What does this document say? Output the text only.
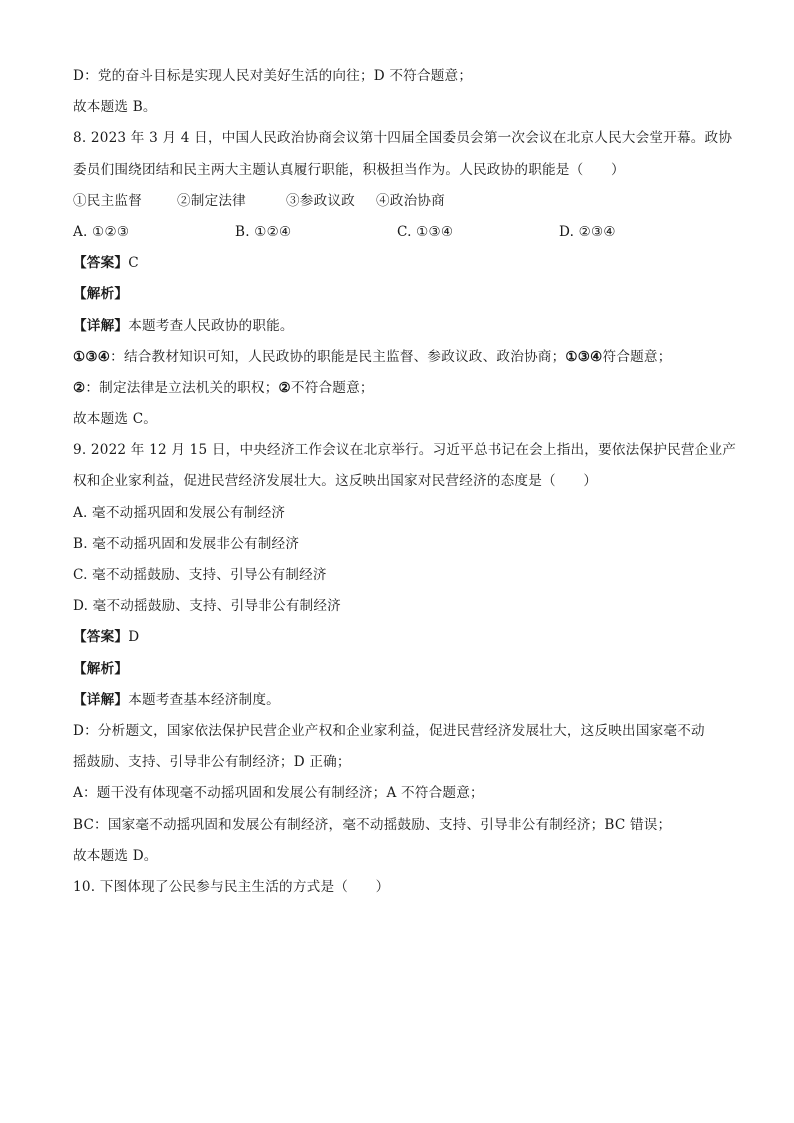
D：党的奋斗目标是实现人民对美好生活的向往；D 不符合题意；
故本题选 B。
8. 2023 年 3 月 4 日，中国人民政治协商会议第十四届全国委员会第一次会议在北京人民大会堂开幕。政协
委员们围绕团结和民主两大主题认真履行职能，积极担当作为。人民政协的职能是（　　）
①民主监督	②制定法律	③参政议政	④政治协商
A. ①②③	B. ①②④	C. ①③④	D. ②③④
【答案】C
【解析】
【详解】本题考查人民政协的职能。
①③④：结合教材知识可知，人民政协的职能是民主监督、参政议政、政治协商；①③④符合题意；
②：制定法律是立法机关的职权；②不符合题意；
故本题选 C。
9. 2022 年 12 月 15 日，中央经济工作会议在北京举行。习近平总书记在会上指出，要依法保护民营企业产
权和企业家利益，促进民营经济发展壮大。这反映出国家对民营经济的态度是（　　）
A. 毫不动摇巩固和发展公有制经济
B. 毫不动摇巩固和发展非公有制经济
C. 毫不动摇鼓励、支持、引导公有制经济
D. 毫不动摇鼓励、支持、引导非公有制经济
【答案】D
【解析】
【详解】本题考查基本经济制度。
D：分析题文，国家依法保护民营企业产权和企业家利益，促进民营经济发展壮大，这反映出国家毫不动
摇鼓励、支持、引导非公有制经济；D 正确；
A：题干没有体现毫不动摇巩固和发展公有制经济；A 不符合题意；
BC：国家毫不动摇巩固和发展公有制经济，毫不动摇鼓励、支持、引导非公有制经济；BC 错误；
故本题选 D。
10. 下图体现了公民参与民主生活的方式是（　　）
